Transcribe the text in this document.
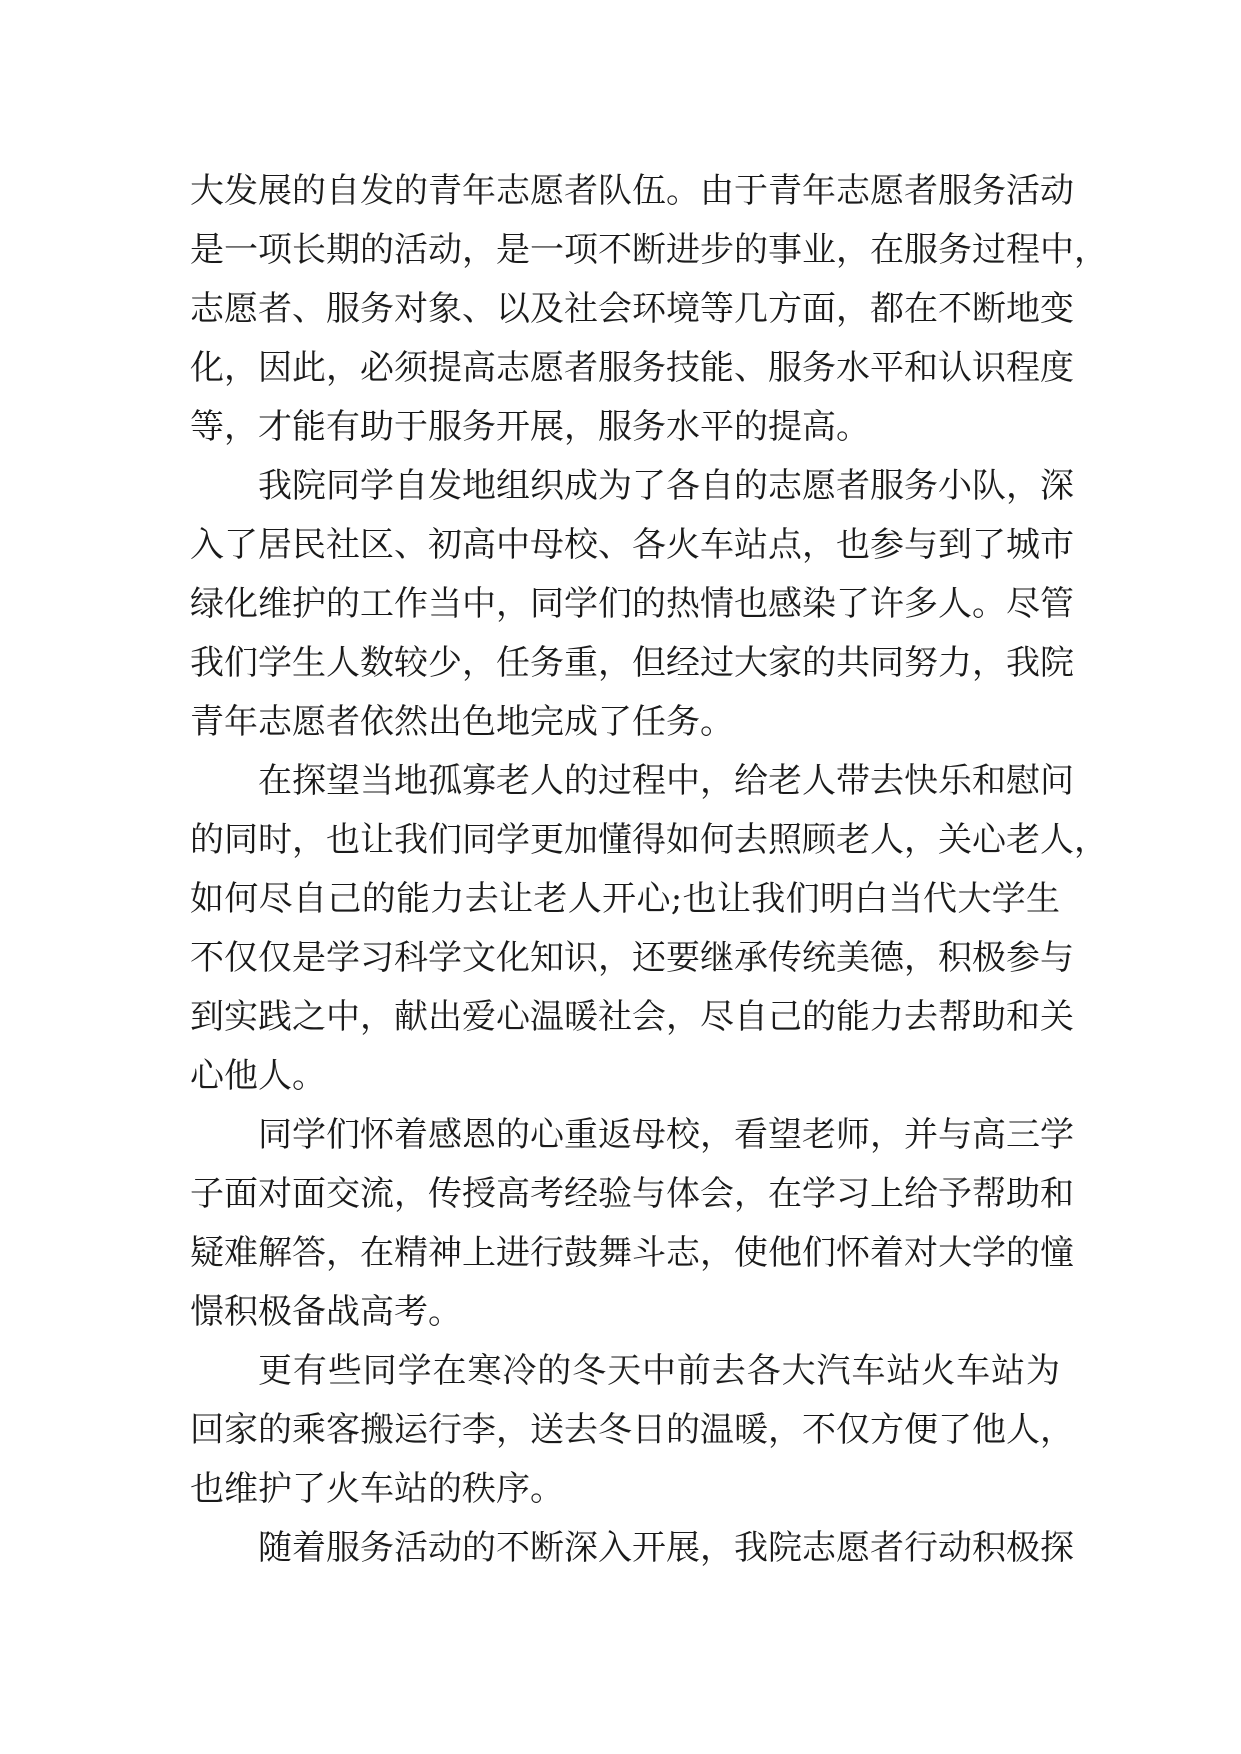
大发展的自发的青年志愿者队伍。由于青年志愿者服务活动
是一项长期的活动，是一项不断进步的事业，在服务过程中，
志愿者、服务对象、以及社会环境等几方面，都在不断地变
化，因此，必须提高志愿者服务技能、服务水平和认识程度
等，才能有助于服务开展，服务水平的提高。
我院同学自发地组织成为了各自的志愿者服务小队，深
入了居民社区、初高中母校、各火车站点，也参与到了城市
绿化维护的工作当中，同学们的热情也感染了许多人。尽管
我们学生人数较少，任务重，但经过大家的共同努力，我院
青年志愿者依然出色地完成了任务。
在探望当地孤寡老人的过程中，给老人带去快乐和慰问
的同时，也让我们同学更加懂得如何去照顾老人，关心老人，
如何尽自己的能力去让老人开心;也让我们明白当代大学生
不仅仅是学习科学文化知识，还要继承传统美德，积极参与
到实践之中，献出爱心温暖社会，尽自己的能力去帮助和关
心他人。
同学们怀着感恩的心重返母校，看望老师，并与高三学
子面对面交流，传授高考经验与体会，在学习上给予帮助和
疑难解答，在精神上进行鼓舞斗志，使他们怀着对大学的憧
憬积极备战高考。
更有些同学在寒冷的冬天中前去各大汽车站火车站为
回家的乘客搬运行李，送去冬日的温暖，不仅方便了他人，
也维护了火车站的秩序。
随着服务活动的不断深入开展，我院志愿者行动积极探
